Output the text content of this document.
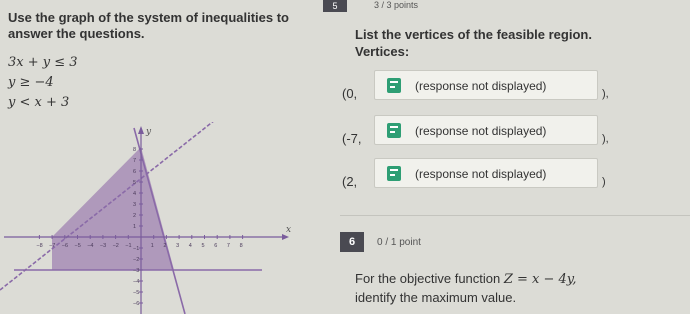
5	3 / 3 points
Use the graph of the system of inequalities to answer the questions.
3x + y ≤ 3
y ≥ −4
y < x + 3
y
x
−8 −7 −6 −5 −4 −3 −2 −1	1 2 3 4 5 6 7 8
1
2
3
4
5
6
7
8
−1
−2
−3
−4
−5
−6
List the vertices of the feasible region.
Vertices:
(0,	(response not displayed)
),
(-7,	(response not displayed)
),
(2,	(response not displayed)
)
6	0 / 1 point
For the objective function Z = x − 4y,
identify the maximum value.
